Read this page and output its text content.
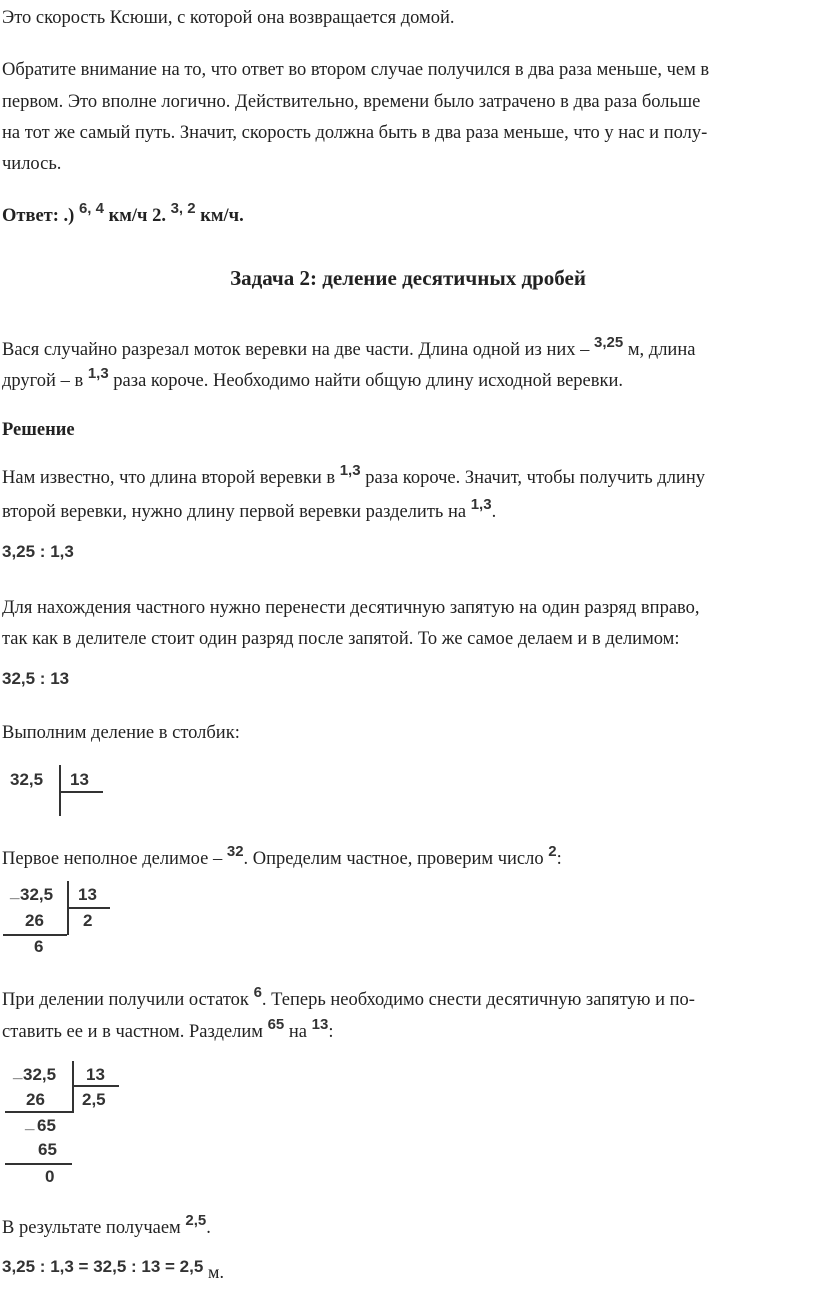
Это скорость Ксюши, с которой она возвращается домой.
Обратите внимание на то, что ответ во втором случае получился в два раза меньше, чем в
первом. Это вполне логично. Действительно, времени было затрачено в два раза больше
на тот же самый путь. Значит, скорость должна быть в два раза меньше, что у нас и полу-
чилось.
Ответ: .) $^{6, 4}$ км/ч 2. $^{3, 2}$ км/ч.
Задача 2: деление десятичных дробей
Вася случайно разрезал моток веревки на две части. Длина одной из них – $^{3,25}$ м, длина
другой – в $^{1,3}$ раза короче. Необходимо найти общую длину исходной веревки.
Решение
Нам известно, что длина второй веревки в $^{1,3}$ раза короче. Значит, чтобы получить длину
второй веревки, нужно длину первой веревки разделить на $^{1,3}$.
3,25 : 1,3
Для нахождения частного нужно перенести десятичную запятую на один разряд вправо,
так как в делителе стоит один разряд после запятой. То же самое делаем и в делимом:
32,5 : 13
Выполним деление в столбик:
32,5 13
Первое неполное делимое – $^{32}$. Определим частное, проверим число $^2$:
_ 32,5 13
26 2
6
При делении получили остаток $^6$. Теперь необходимо снести десятичную запятую и по-
ставить ее и в частном. Разделим $^{65}$ на $^{13}$:
_ 32,5 13
26 2,5
_ 65
65
0
В результате получаем $^{2,5}$.
3,25 : 1,3 = 32,5 : 13 = 2,5 м.
